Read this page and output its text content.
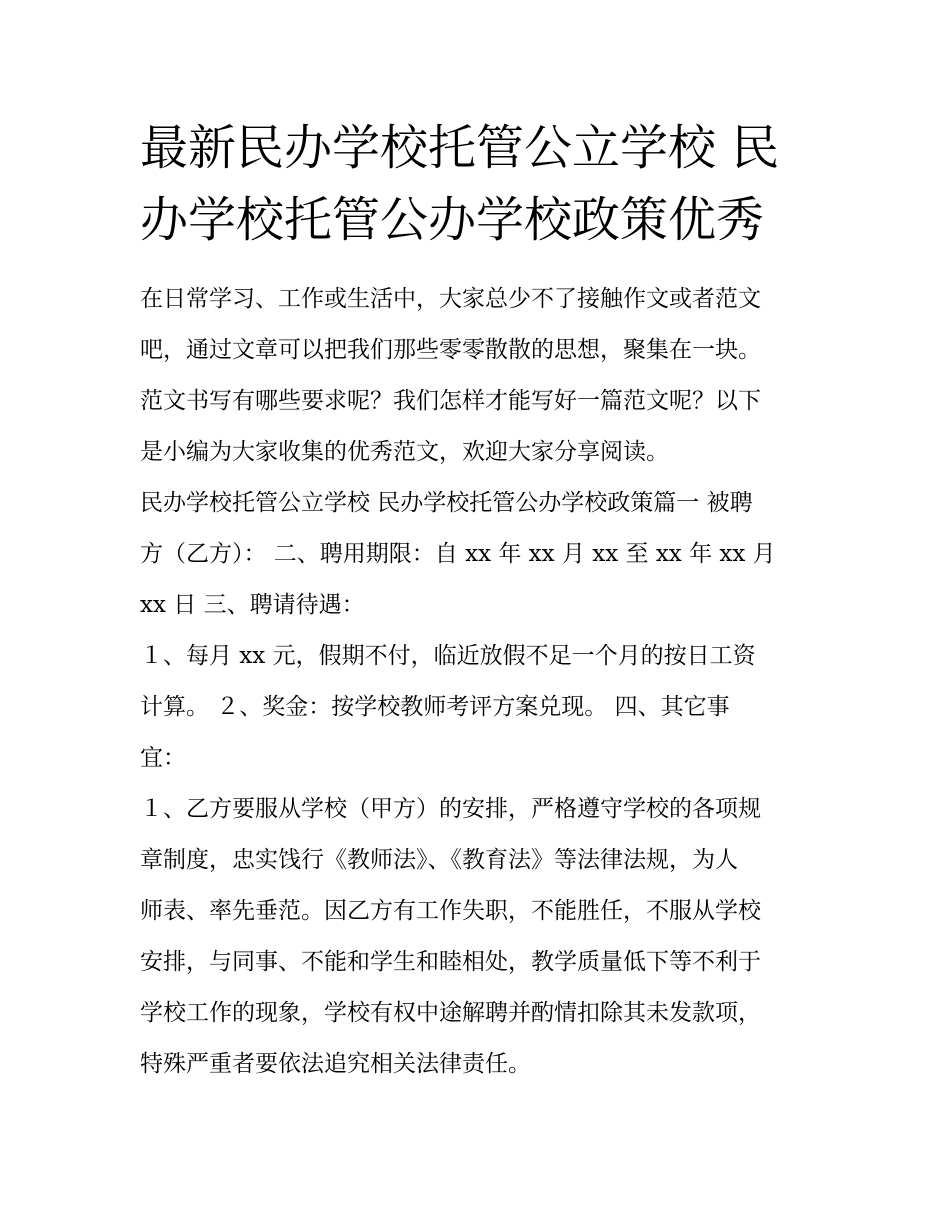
最新民办学校托管公立学校 民
办学校托管公办学校政策优秀

在日常学习、工作或生活中，大家总少不了接触作文或者范文
吧，通过文章可以把我们那些零零散散的思想，聚集在一块。
范文书写有哪些要求呢？我们怎样才能写好一篇范文呢？以下
是小编为大家收集的优秀范文，欢迎大家分享阅读。

民办学校托管公立学校 民办学校托管公办学校政策篇一 被聘
方（乙方）： 二、聘用期限：自 xx 年 xx 月 xx 至 xx 年 xx 月
xx 日 三、聘请待遇：

１、每月 xx 元，假期不付，临近放假不足一个月的按日工资
计算。 ２、奖金：按学校教师考评方案兑现。 四、其它事
宜：

１、乙方要服从学校（甲方）的安排，严格遵守学校的各项规
章制度，忠实饯行《教师法》、《教育法》等法律法规，为人
师表、率先垂范。因乙方有工作失职，不能胜任，不服从学校
安排，与同事、不能和学生和睦相处，教学质量低下等不利于
学校工作的现象，学校有权中途解聘并酌情扣除其未发款项，
特殊严重者要依法追究相关法律责任。
